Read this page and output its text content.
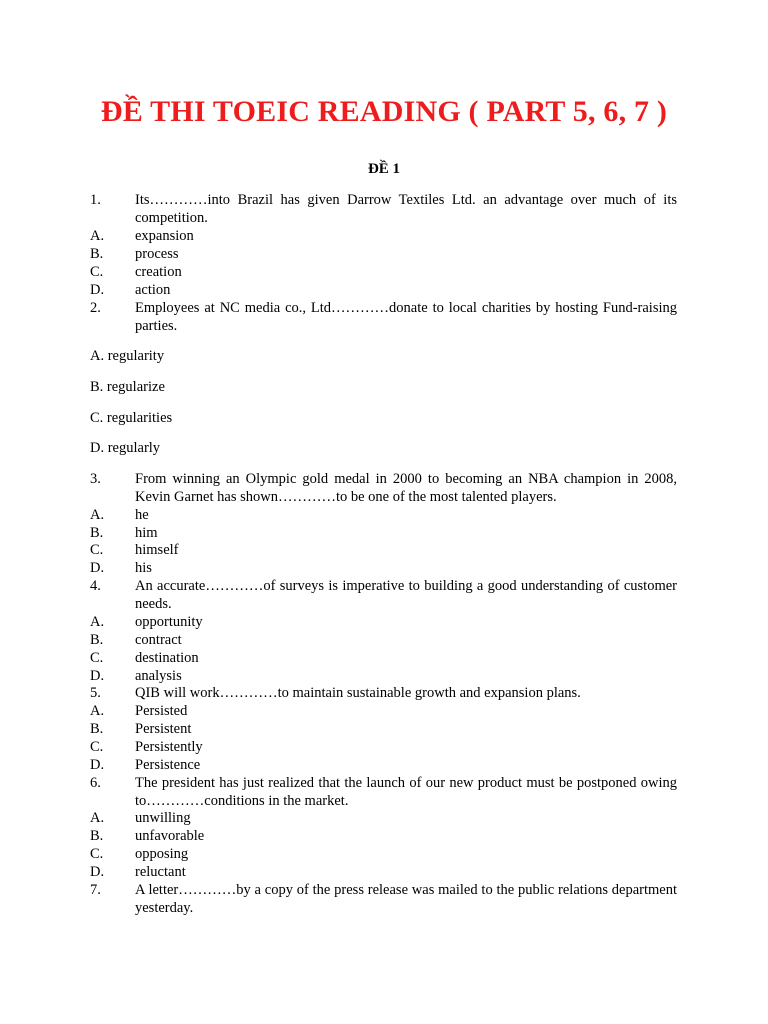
ĐỀ THI TOEIC READING ( PART 5, 6, 7 )
ĐỀ 1
1.	Its…………into Brazil has given Darrow Textiles Ltd. an advantage over much of its competition.
A.	expansion
B.	process
C.	creation
D.	action
2.	Employees at NC media co., Ltd…………donate to local charities by hosting Fund-raising parties.
A. regularity
B. regularize
C. regularities
D. regularly
3.	From winning an Olympic gold medal in 2000 to becoming an NBA champion in 2008, Kevin Garnet has shown…………to be one of the most talented players.
A.	he
B.	him
C.	himself
D.	his
4.	An accurate…………of surveys is imperative to building a good understanding of customer needs.
A.	opportunity
B.	contract
C.	destination
D.	analysis
5.	QIB will work…………to maintain sustainable growth and expansion plans.
A.	Persisted
B.	Persistent
C.	Persistently
D.	Persistence
6.	The president has just realized that the launch of our new product must be postponed owing to…………conditions in the market.
A.	unwilling
B.	unfavorable
C.	opposing
D.	reluctant
7.	A letter…………by a copy of the press release was mailed to the public relations department yesterday.
